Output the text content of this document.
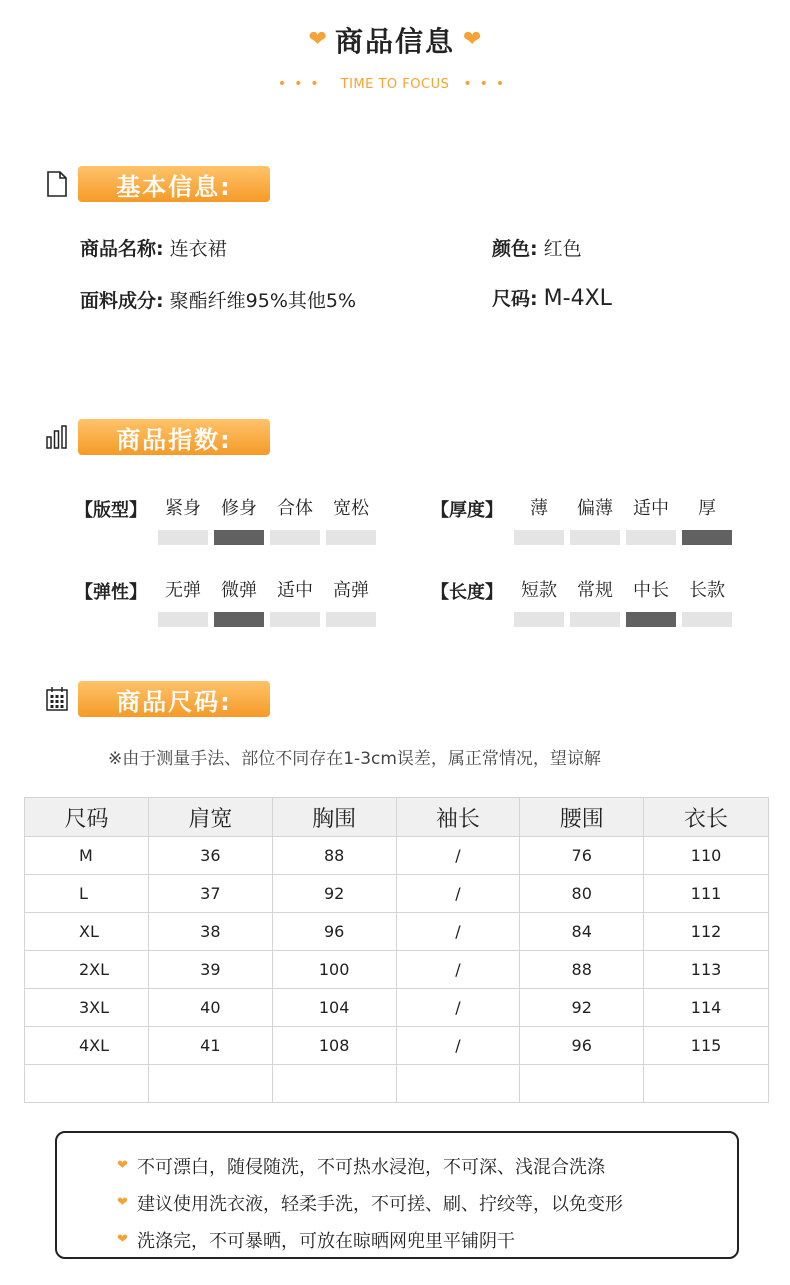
❤ 商品信息 ❤
••• TIME TO FOCUS •••
基本信息:
商品名称: 连衣裙	颜色: 红色
面料成分: 聚酯纤维95%其他5%	尺码: M-4XL
商品指数:
【版型】	紧身 修身 合体 宽松	【厚度】	薄 偏薄 适中 厚
【弹性】	无弹 微弹 适中 高弹	【长度】	短款 常规 中长 长款
商品尺码:
※由于测量手法、部位不同存在1-3cm误差，属正常情况，望谅解
尺码	肩宽	胸围	袖长	腰围	衣长
M	36	88	/	76	110
L	37	92	/	80	111
XL	38	96	/	84	112
2XL	39	100	/	88	113
3XL	40	104	/	92	114
4XL	41	108	/	96	115

❤ 不可漂白，随侵随洗，不可热水浸泡，不可深、浅混合洗涤
❤ 建议使用洗衣液，轻柔手洗，不可搓、刷、拧绞等，以免变形
❤ 洗涤完，不可暴晒，可放在晾晒网兜里平铺阴干
